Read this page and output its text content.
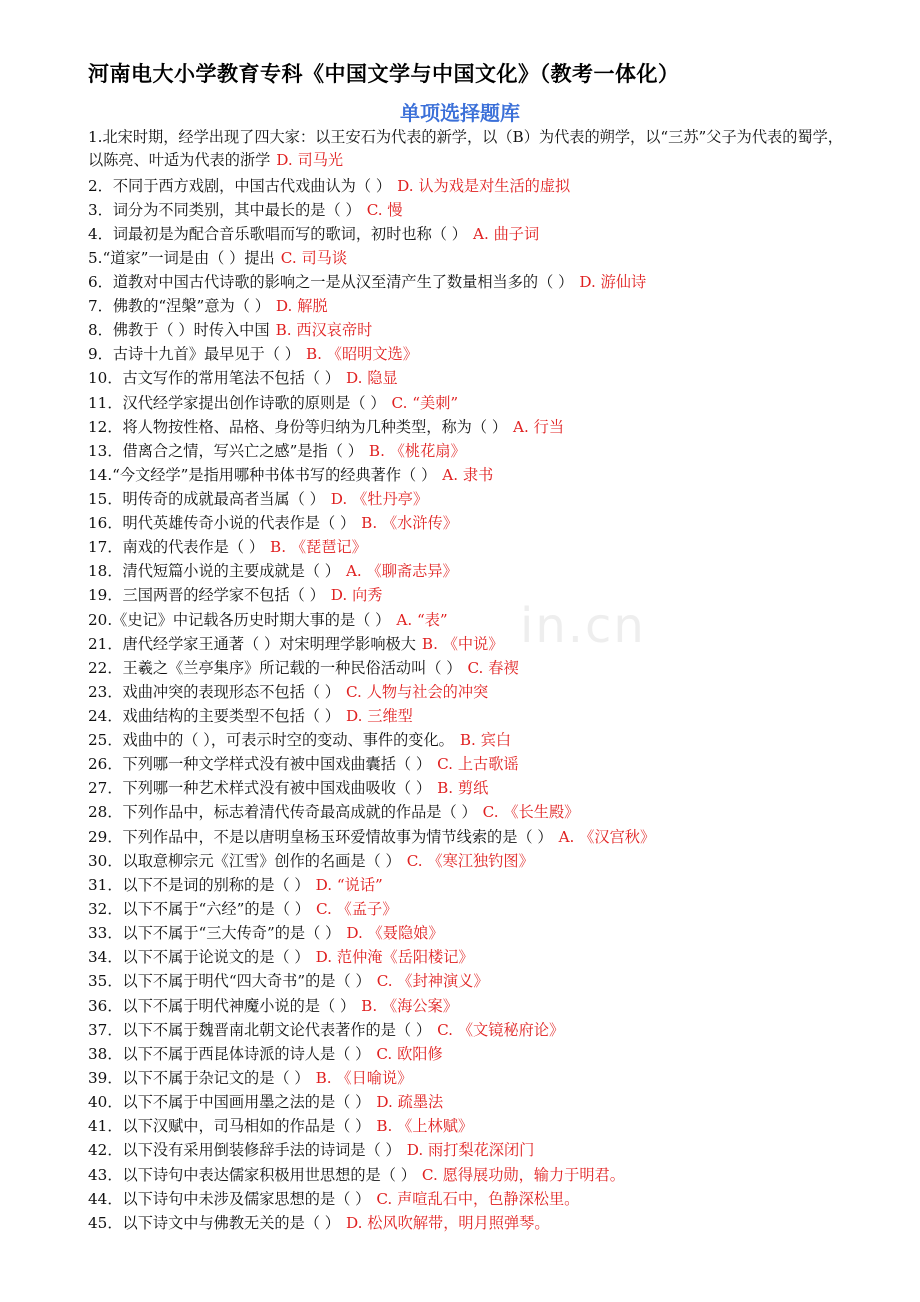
河南电大小学教育专科《中国文学与中国文化》（教考一体化）
单项选择题库
in.cn
1.北宋时期，经学出现了四大家：以王安石为代表的新学，以（B）为代表的朔学，以“三苏”父子为代表的蜀学，以陈亮、叶适为代表的浙学 D. 司马光
2．不同于西方戏剧，中国古代戏曲认为（ ） D. 认为戏是对生活的虚拟
3．词分为不同类别，其中最长的是（ ） C. 慢
4．词最初是为配合音乐歌唱而写的歌词，初时也称（ ） A. 曲子词
5.“道家”一词是由（ ）提出 C. 司马谈
6．道教对中国古代诗歌的影响之一是从汉至清产生了数量相当多的（ ） D. 游仙诗
7．佛教的“涅槃”意为（ ） D. 解脱
8．佛教于（ ）时传入中国 B. 西汉哀帝时
9．古诗十九首》最早见于（ ） B. 《昭明文选》
10．古文写作的常用笔法不包括（ ） D. 隐显
11．汉代经学家提出创作诗歌的原则是（ ） C. “美刺”
12．将人物按性格、品格、身份等归纳为几种类型，称为（ ） A. 行当
13．借离合之情，写兴亡之感”是指（ ） B. 《桃花扇》
14.“今文经学”是指用哪种书体书写的经典著作（ ） A. 隶书
15．明传奇的成就最高者当属（ ） D. 《牡丹亭》
16．明代英雄传奇小说的代表作是（ ） B. 《水浒传》
17．南戏的代表作是（ ） B. 《琵琶记》
18．清代短篇小说的主要成就是（ ） A. 《聊斋志异》
19．三国两晋的经学家不包括（ ） D. 向秀
20.《史记》中记载各历史时期大事的是（ ） A. “表”
21．唐代经学家王通著（ ）对宋明理学影响极大 B. 《中说》
22．王羲之《兰亭集序》所记载的一种民俗活动叫（ ） C. 春禊
23．戏曲冲突的表现形态不包括（ ） C. 人物与社会的冲突
24．戏曲结构的主要类型不包括（ ） D. 三维型
25．戏曲中的（ ），可表示时空的变动、事件的变化。 B. 宾白
26．下列哪一种文学样式没有被中国戏曲囊括（ ） C. 上古歌谣
27．下列哪一种艺术样式没有被中国戏曲吸收（ ） B. 剪纸
28．下列作品中，标志着清代传奇最高成就的作品是（ ） C. 《长生殿》
29．下列作品中，不是以唐明皇杨玉环爱情故事为情节线索的是（ ） A. 《汉宫秋》
30．以取意柳宗元《江雪》创作的名画是（ ） C. 《寒江独钓图》
31．以下不是词的别称的是（ ） D. “说话”
32．以下不属于“六经”的是（ ） C. 《孟子》
33．以下不属于“三大传奇”的是（ ） D. 《聂隐娘》
34．以下不属于论说文的是（ ） D. 范仲淹《岳阳楼记》
35．以下不属于明代“四大奇书”的是（ ） C. 《封神演义》
36．以下不属于明代神魔小说的是（ ） B. 《海公案》
37．以下不属于魏晋南北朝文论代表著作的是（ ） C. 《文镜秘府论》
38．以下不属于西昆体诗派的诗人是（ ） C. 欧阳修
39．以下不属于杂记文的是（ ） B. 《日喻说》
40．以下不属于中国画用墨之法的是（ ） D. 疏墨法
41．以下汉赋中，司马相如的作品是（ ） B. 《上林赋》
42．以下没有采用倒装修辞手法的诗词是（ ） D. 雨打梨花深闭门
43．以下诗句中表达儒家积极用世思想的是（ ） C. 愿得展功勋，输力于明君。
44．以下诗句中未涉及儒家思想的是（ ） C. 声喧乱石中，色静深松里。
45．以下诗文中与佛教无关的是（ ） D. 松风吹解带，明月照弹琴。
